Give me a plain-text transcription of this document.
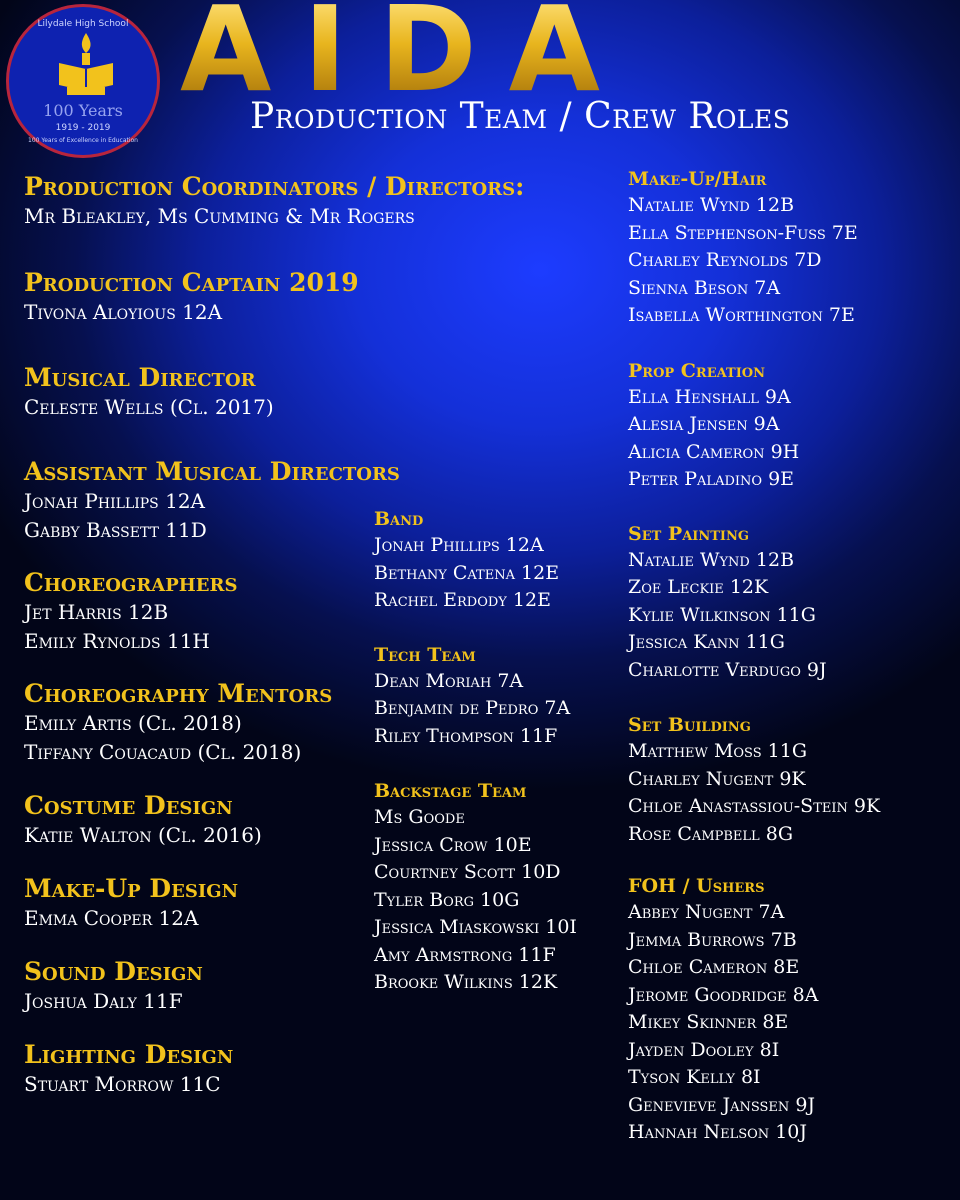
Lilydale High School
100 Years
1919 - 2019
100 Years of Excellence in Education
A I D A
Production Team / Crew Roles
Production Coordinators / Directors:
Mr Bleakley, Ms Cumming & Mr Rogers
Production Captain 2019
Tivona Aloyious 12A
Musical Director
Celeste Wells (Cl. 2017)
Assistant Musical Directors
Jonah Phillips 12A
Gabby Bassett 11D
Choreographers
Jet Harris 12B
Emily Rynolds 11H
Choreography Mentors
Emily Artis (Cl. 2018)
Tiffany Couacaud (Cl. 2018)
Costume Design
Katie Walton (Cl. 2016)
Make-Up Design
Emma Cooper 12A
Sound Design
Joshua Daly 11F
Lighting Design
Stuart Morrow 11C
Band
Jonah Phillips 12A
Bethany Catena 12E
Rachel Erdody 12E
Tech Team
Dean Moriah 7A
Benjamin de Pedro 7A
Riley Thompson 11F
Backstage Team
Ms Goode
Jessica Crow 10E
Courtney Scott 10D
Tyler Borg 10G
Jessica Miaskowski 10I
Amy Armstrong 11F
Brooke Wilkins 12K
Make-Up/Hair
Natalie Wynd 12B
Ella Stephenson-Fuss 7E
Charley Reynolds 7D
Sienna Beson 7A
Isabella Worthington 7E
Prop Creation
Ella Henshall 9A
Alesia Jensen 9A
Alicia Cameron 9H
Peter Paladino 9E
Set Painting
Natalie Wynd 12B
Zoe Leckie 12K
Kylie Wilkinson 11G
Jessica Kann 11G
Charlotte Verdugo 9J
Set Building
Matthew Moss 11G
Charley Nugent 9K
Chloe Anastassiou-Stein 9K
Rose Campbell 8G
FOH / Ushers
Abbey Nugent 7A
Jemma Burrows 7B
Chloe Cameron 8E
Jerome Goodridge 8A
Mikey Skinner 8E
Jayden Dooley 8I
Tyson Kelly 8I
Genevieve Janssen 9J
Hannah Nelson 10J
